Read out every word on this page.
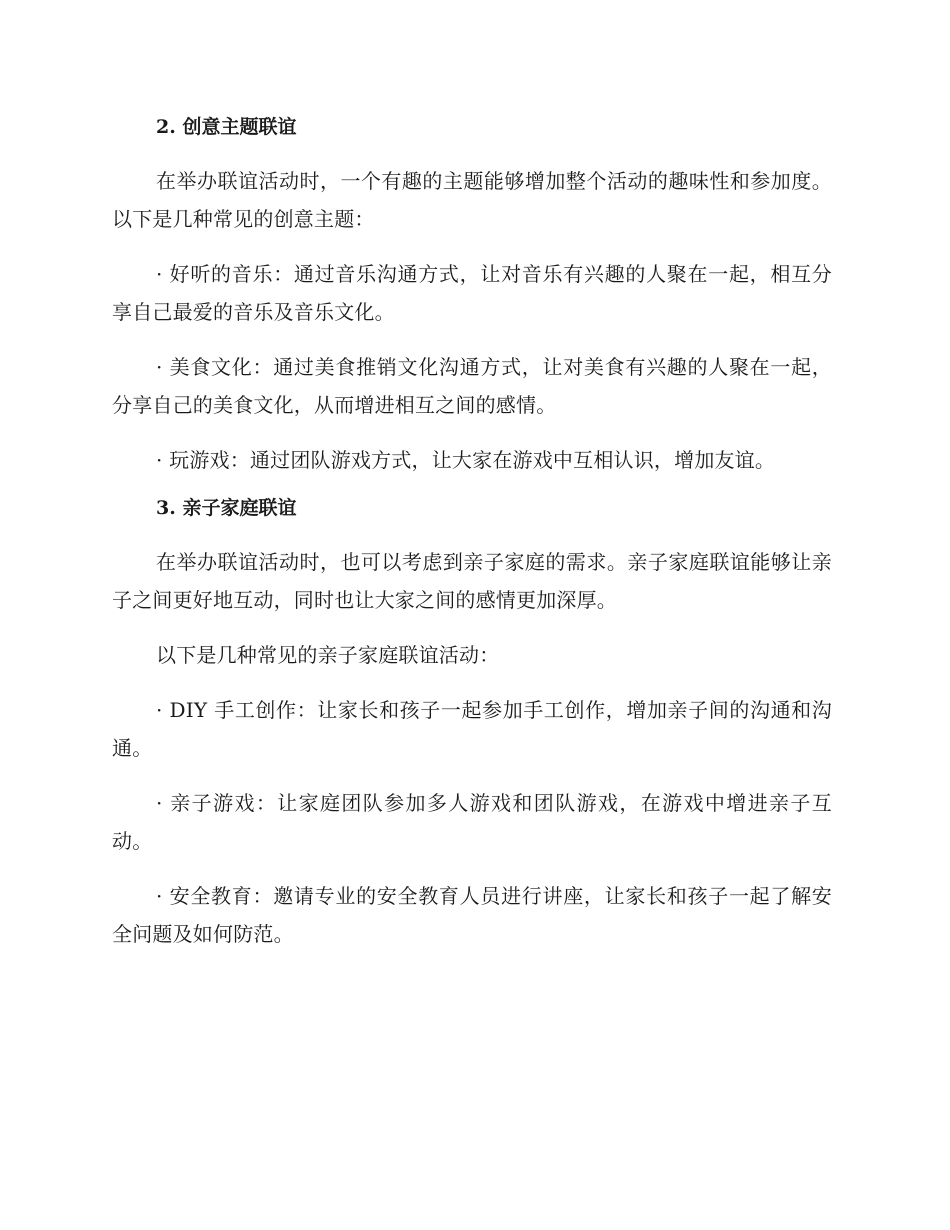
2. 创意主题联谊

在举办联谊活动时，一个有趣的主题能够增加整个活动的趣味性和参加度。以下是几种常见的创意主题：

· 好听的音乐：通过音乐沟通方式，让对音乐有兴趣的人聚在一起，相互分享自己最爱的音乐及音乐文化。

· 美食文化：通过美食推销文化沟通方式，让对美食有兴趣的人聚在一起，分享自己的美食文化，从而增进相互之间的感情。

· 玩游戏：通过团队游戏方式，让大家在游戏中互相认识，增加友谊。

3. 亲子家庭联谊

在举办联谊活动时，也可以考虑到亲子家庭的需求。亲子家庭联谊能够让亲子之间更好地互动，同时也让大家之间的感情更加深厚。

以下是几种常见的亲子家庭联谊活动：

· DIY 手工创作：让家长和孩子一起参加手工创作，增加亲子间的沟通和沟通。

· 亲子游戏：让家庭团队参加多人游戏和团队游戏，在游戏中增进亲子互动。

· 安全教育：邀请专业的安全教育人员进行讲座，让家长和孩子一起了解安全问题及如何防范。
